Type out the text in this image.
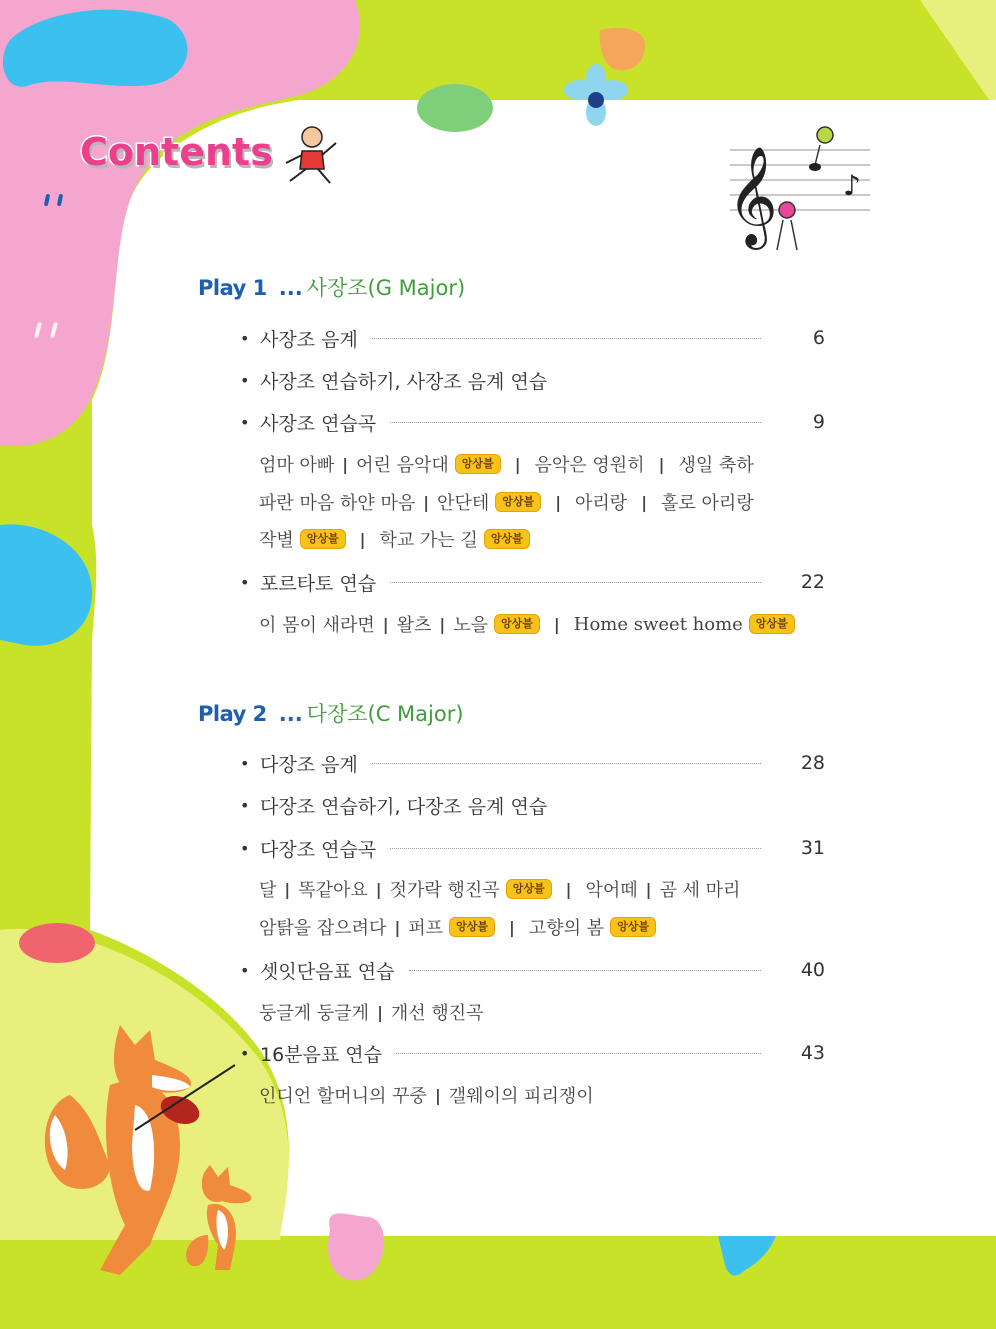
𝄞 ♪
Contents
Play 1 ... 사장조(G Major)
• 사장조 음계	6
• 사장조 연습하기, 사장조 음계 연습
• 사장조 연습곡	9
엄마 아빠 | 어린 음악대	앙상블	| 음악은 영원히 | 생일 축하
파란 마음 하얀 마음 | 안단테	앙상블	| 아리랑 | 홀로 아리랑
작별	앙상블	| 학교 가는 길	앙상블
• 포르타토 연습	22
이 몸이 새라면 | 왈츠 | 노을	앙상블	| Home sweet home	앙상블
Play 2 ... 다장조(C Major)
• 다장조 음계	28
• 다장조 연습하기, 다장조 음계 연습
• 다장조 연습곡	31
달 | 똑같아요 | 젓가락 행진곡	앙상블	| 악어떼 | 곰 세 마리
암탉을 잡으려다 | 퍼프	앙상블	| 고향의 봄	앙상블
• 셋잇단음표 연습	40
둥글게 둥글게 | 개선 행진곡
• 16분음표 연습	43
인디언 할머니의 꾸중 | 갤웨이의 피리쟁이
